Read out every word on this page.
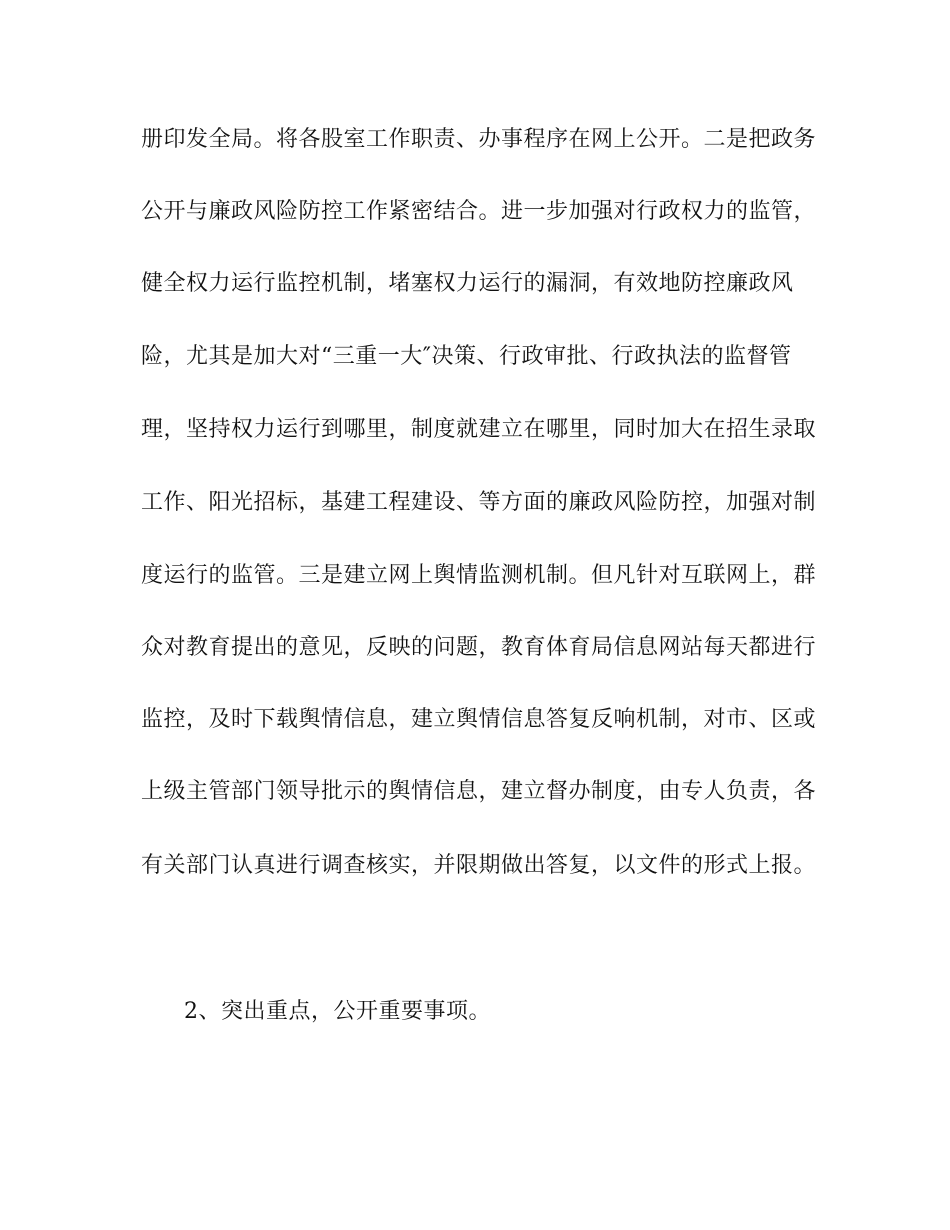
册印发全局。将各股室工作职责、办事程序在网上公开。二是把政务
公开与廉政风险防控工作紧密结合。进一步加强对行政权力的监管，
健全权力运行监控机制，堵塞权力运行的漏洞，有效地防控廉政风
险，尤其是加大对“三重一大″决策、行政审批、行政执法的监督管
理，坚持权力运行到哪里，制度就建立在哪里，同时加大在招生录取
工作、阳光招标，基建工程建设、等方面的廉政风险防控，加强对制
度运行的监管。三是建立网上舆情监测机制。但凡针对互联网上，群
众对教育提出的意见，反映的问题，教育体育局信息网站每天都进行
监控，及时下载舆情信息，建立舆情信息答复反响机制，对市、区或
上级主管部门领导批示的舆情信息，建立督办制度，由专人负责，各
有关部门认真进行调查核实，并限期做出答复，以文件的形式上报。
2、突出重点，公开重要事项。
